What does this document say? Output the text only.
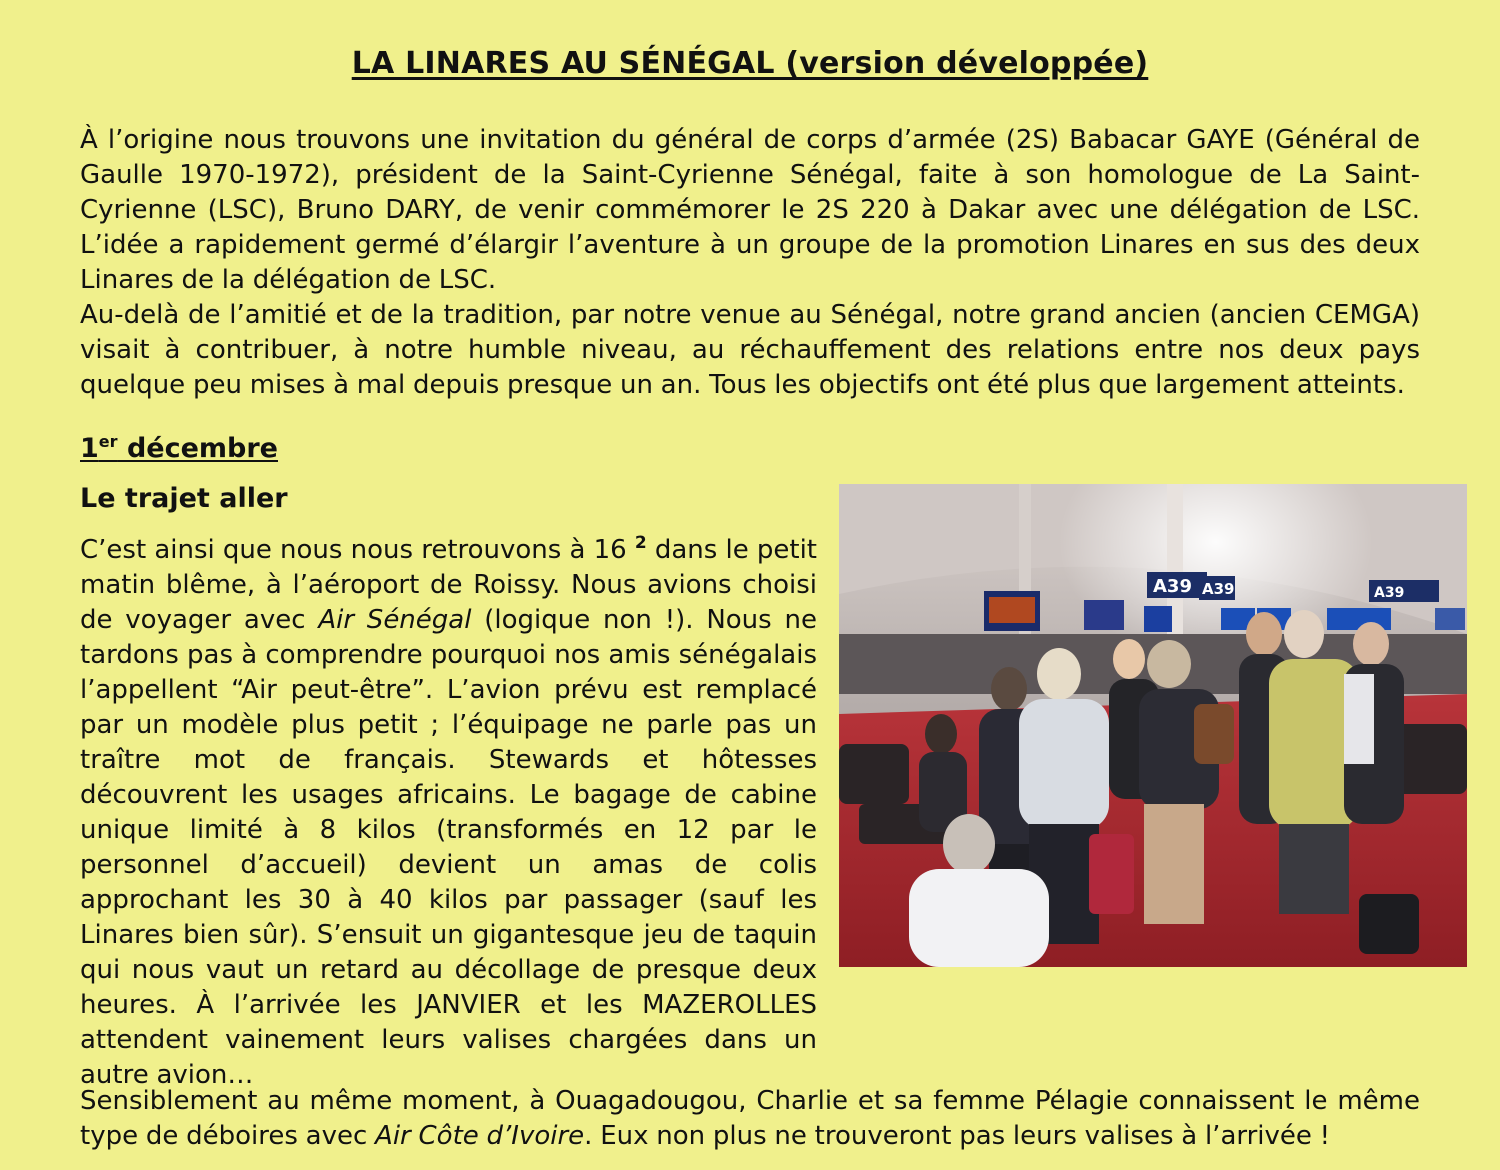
LA LINARES AU SÉNÉGAL (version développée)

À l’origine nous trouvons une invitation du général de corps d’armée (2S) Babacar GAYE (Général de Gaulle 1970-1972), président de la Saint-Cyrienne Sénégal, faite à son homologue de La Saint-Cyrienne (LSC), Bruno DARY, de venir commémorer le 2S 220 à Dakar avec une délégation de LSC. L’idée a rapidement germé d’élargir l’aventure à un groupe de la promotion Linares en sus des deux Linares de la délégation de LSC.

Au-delà de l’amitié et de la tradition, par notre venue au Sénégal, notre grand ancien (ancien CEMGA) visait à contribuer, à notre humble niveau, au réchauffement des relations entre nos deux pays quelque peu mises à mal depuis presque un an. Tous les objectifs ont été plus que largement atteints.

1er décembre
Le trajet aller

C’est ainsi que nous nous retrouvons à 16 $^2$ dans le petit matin blême, à l’aéroport de Roissy. Nous avions choisi de voyager avec Air Sénégal (logique non !). Nous ne tardons pas à comprendre pourquoi nos amis sénégalais l’appellent “Air peut-être”. L’avion prévu est remplacé par un modèle plus petit ; l’équipage ne parle pas un traître mot de français. Stewards et hôtesses découvrent les usages africains. Le bagage de cabine unique limité à 8 kilos (transformés en 12 par le personnel d’accueil) devient un amas de colis approchant les 30 à 40 kilos par passager (sauf les Linares bien sûr). S’ensuit un gigantesque jeu de taquin qui nous vaut un retard au décollage de presque deux heures. À l’arrivée les JANVIER et les MAZEROLLES attendent vainement leurs valises chargées dans un autre avion…

A39 A39	A39

Sensiblement au même moment, à Ouagadougou, Charlie et sa femme Pélagie connaissent le même type de déboires avec Air Côte d’Ivoire. Eux non plus ne trouveront pas leurs valises à l’arrivée !
